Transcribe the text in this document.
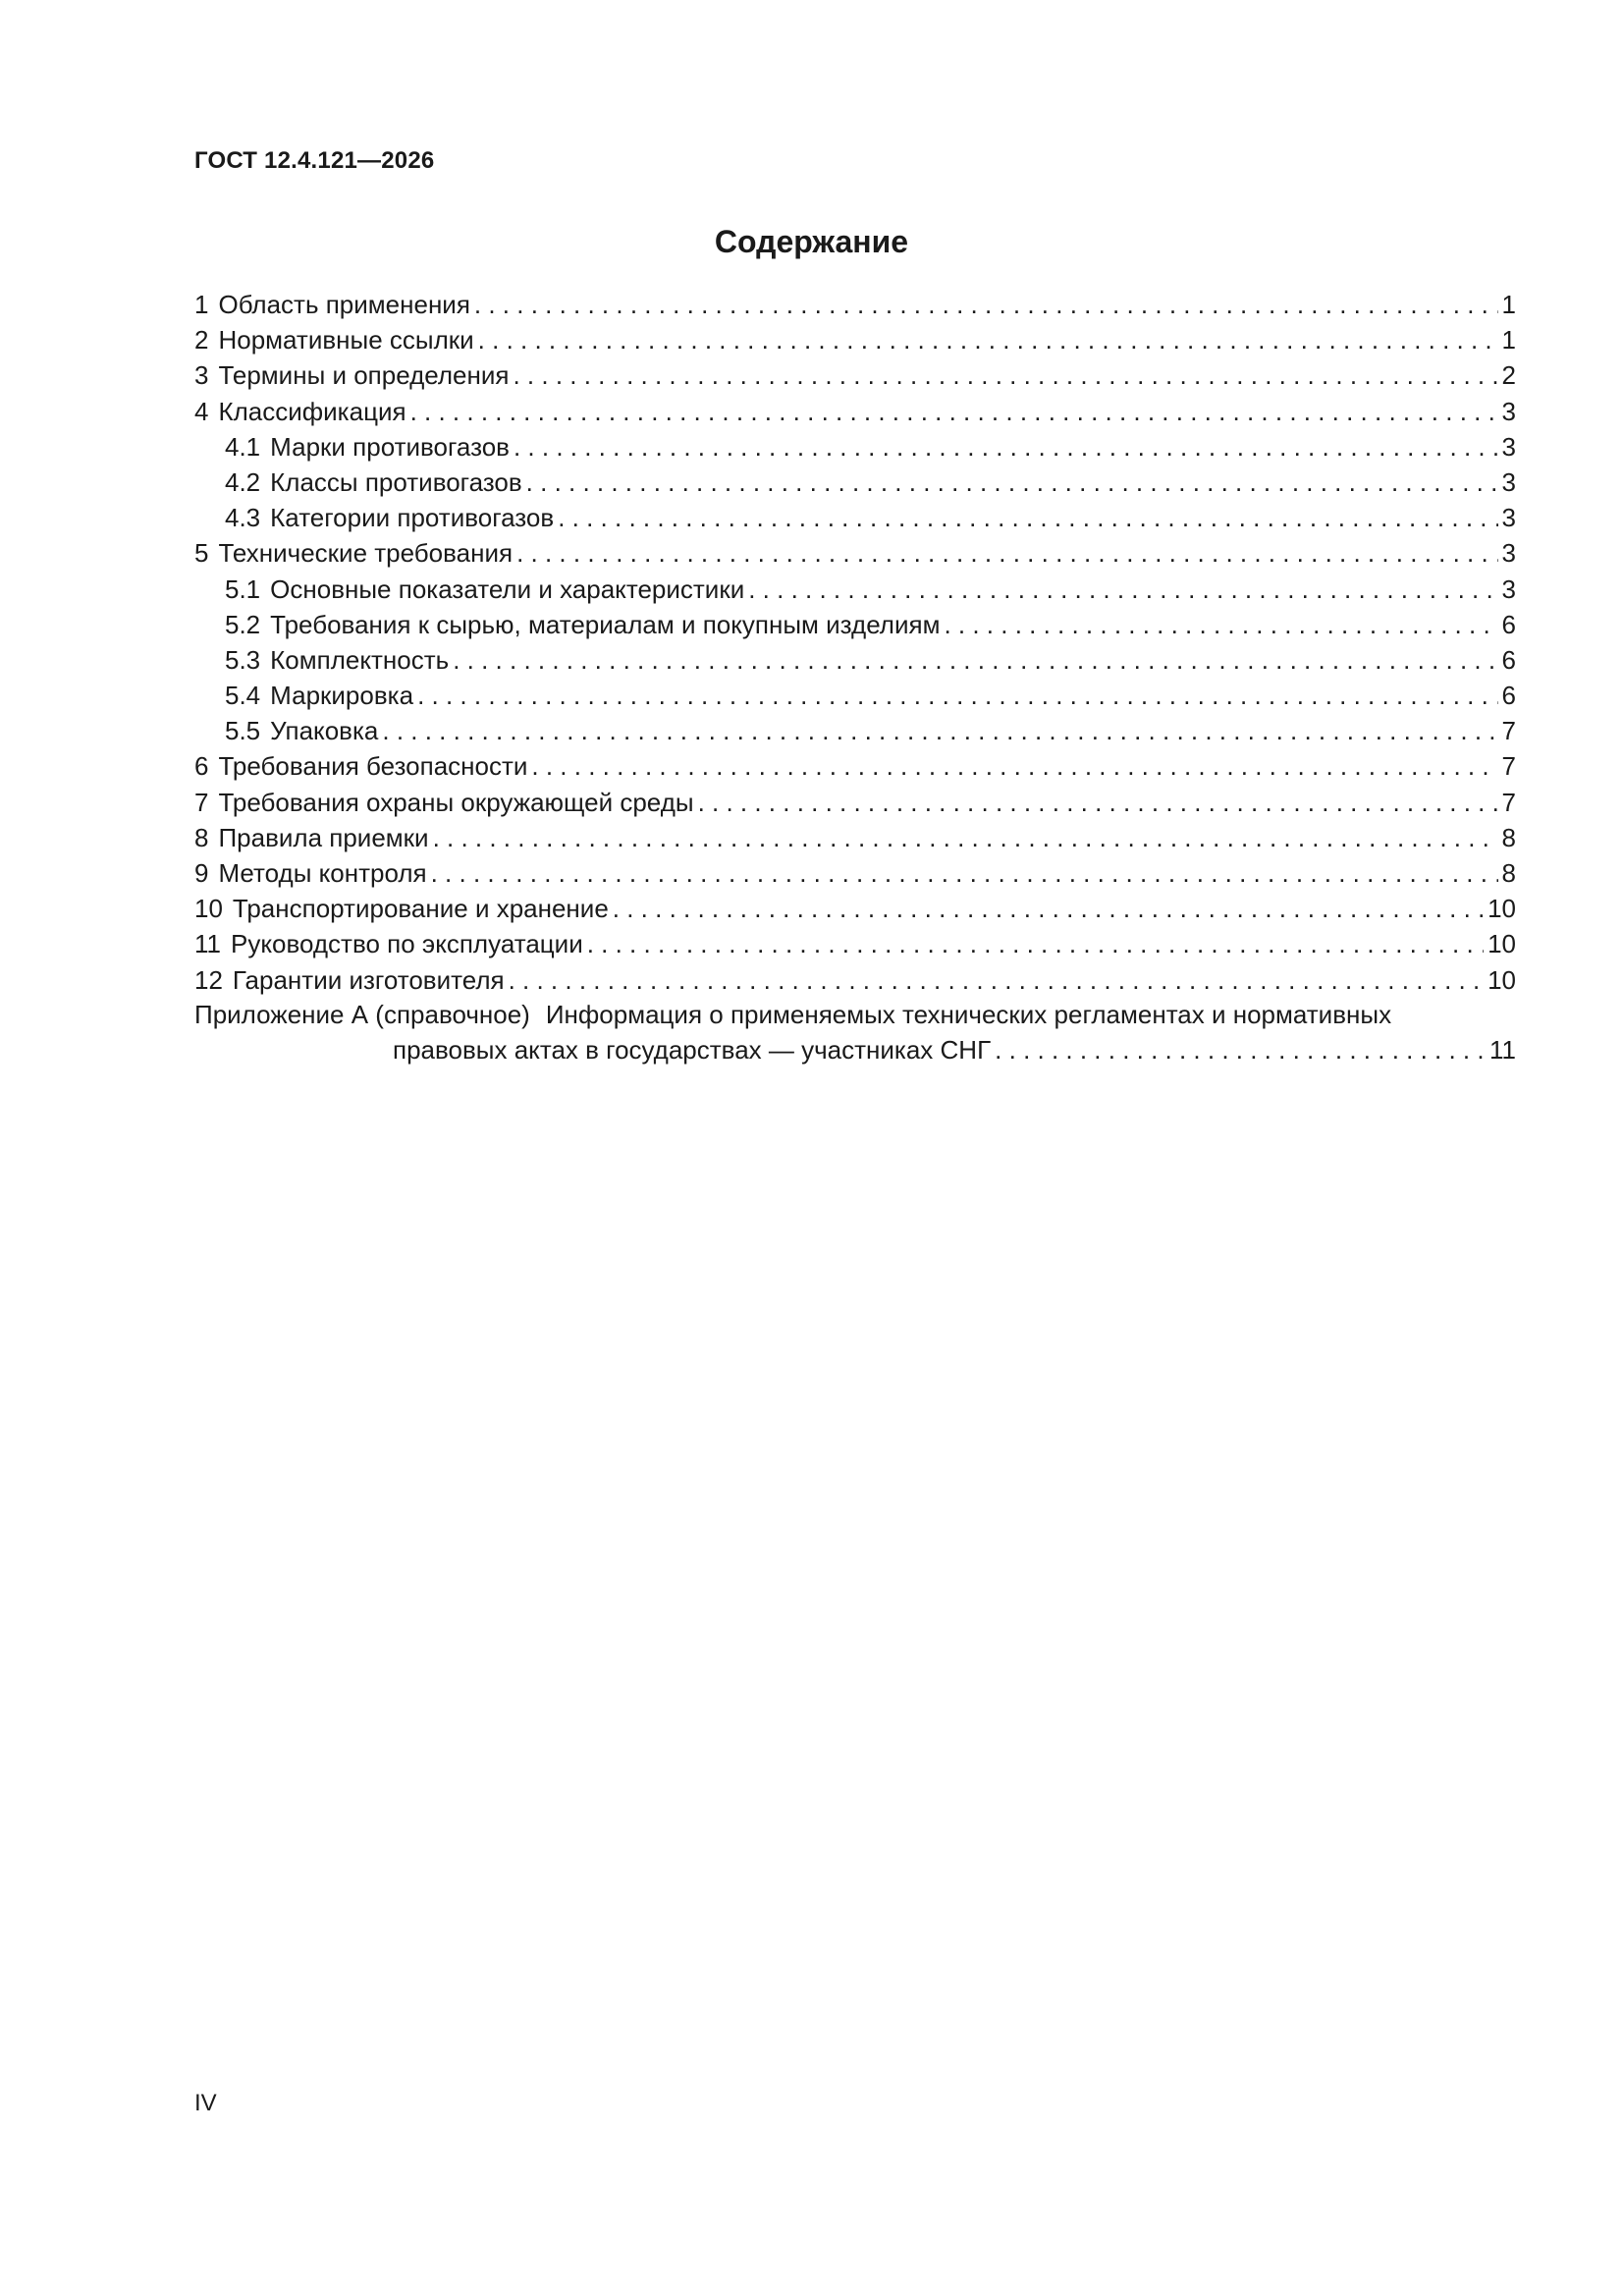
ГОСТ 12.4.121—2026
Содержание
1 Область применения . . .	1
2 Нормативные ссылки . . .	1
3 Термины и определения . . .	2
4 Классификация . . .	3
4.1 Марки противогазов . . .	3
4.2 Классы противогазов . . .	3
4.3 Категории противогазов . . .	3
5 Технические требования . . .	3
5.1 Основные показатели и характеристики . . .	3
5.2 Требования к сырью, материалам и покупным изделиям . . .	6
5.3 Комплектность . . .	6
5.4 Маркировка . . .	6
5.5 Упаковка . . .	7
6 Требования безопасности . . .	7
7 Требования охраны окружающей среды . . .	7
8 Правила приемки . . .	8
9 Методы контроля . . .	8
10 Транспортирование и хранение . . .	10
11 Руководство по эксплуатации . . .	10
12 Гарантии изготовителя . . .	10
Приложение А (справочное) Информация о применяемых технических регламентах и нормативных
правовых актах в государствах — участниках СНГ . . .	11
IV
